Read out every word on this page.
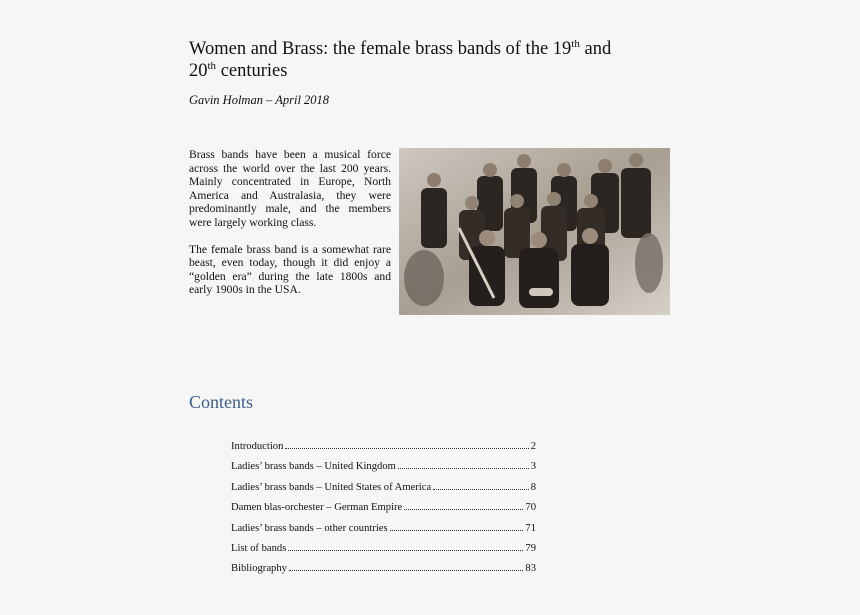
Women and Brass: the female brass bands of the 19th and
20th centuries

Gavin Holman – April 2018

Brass bands have been a musical force across the world over the last 200 years. Mainly concentrated in Europe, North America and Australasia, they were predominantly male, and the members were largely working class.

The female brass band is a somewhat rare beast, even today, though it did enjoy a “golden era” during the late 1800s and early 1900s in the USA.

Contents
Introduction	2
Ladies’ brass bands – United Kingdom	3
Ladies’ brass bands – United States of America	8
Damen blas-orchester – German Empire	70
Ladies’ brass bands – other countries	71
List of bands	79
Bibliography	83
